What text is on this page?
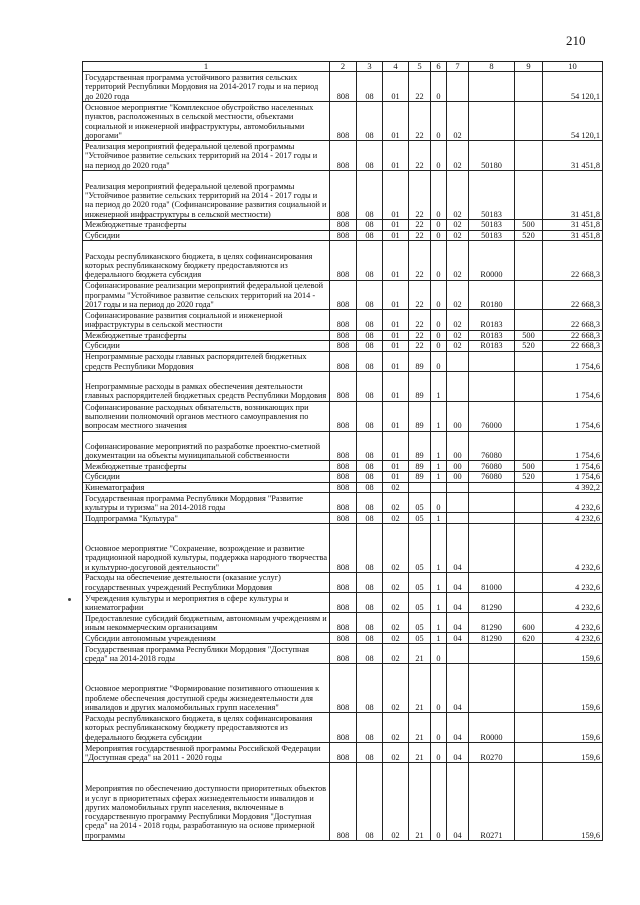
210
1	2	3	4	5	6	7	8	9	10
Государственная программа устойчивого развития сельских территорий Республики Мордовия на 2014-2017 годы и на период до 2020 года	808	08	01	22	0				54 120,1
Основное мероприятие "Комплексное обустройство населенных пунктов, расположенных в сельской местности, объектами социальной и инженерной инфраструктуры, автомобильными дорогами"	808	08	01	22	0	02			54 120,1
Реализация мероприятий федеральной целевой программы "Устойчивое развитие сельских территорий на 2014 - 2017 годы и на период до 2020 года"	808	08	01	22	0	02	50180		31 451,8
Реализация мероприятий федеральной целевой программы "Устойчивое развитие сельских территорий на 2014 - 2017 годы и на период до 2020 года" (Софинансирование развития социальной и инженерной инфраструктуры в сельской местности)	808	08	01	22	0	02	50183		31 451,8
Межбюджетные трансферты	808	08	01	22	0	02	50183	500	31 451,8
Субсидии	808	08	01	22	0	02	50183	520	31 451,8
Расходы республиканского бюджета, в целях софинансирования которых республиканскому бюджету предоставляются из федерального бюджета субсидия	808	08	01	22	0	02	R0000		22 668,3
Софинансирование реализации мероприятий федеральной целевой программы "Устойчивое развитие сельских территорий на 2014 - 2017 годы и на период до 2020 года"	808	08	01	22	0	02	R0180		22 668,3
Софинансирование развития социальной и инженерной инфраструктуры в сельской местности	808	08	01	22	0	02	R0183		22 668,3
Межбюджетные трансферты	808	08	01	22	0	02	R0183	500	22 668,3
Субсидии	808	08	01	22	0	02	R0183	520	22 668,3
Непрограммные расходы главных распорядителей бюджетных средств Республики Мордовия	808	08	01	89	0				1 754,6
Непрограммные расходы в рамках обеспечения деятельности главных распорядителей бюджетных средств Республики Мордовия	808	08	01	89	1				1 754,6
Софинансирование расходных обязательств, возникающих при выполнении полномочий органов местного самоуправления по вопросам местного значения	808	08	01	89	1	00	76000		1 754,6
Софинансирование мероприятий по разработке проектно-сметной документации на объекты муниципальной собственности	808	08	01	89	1	00	76080		1 754,6
Межбюджетные трансферты	808	08	01	89	1	00	76080	500	1 754,6
Субсидии	808	08	01	89	1	00	76080	520	1 754,6
Кинематография	808	08	02						4 392,2
Государственная программа Республики Мордовия "Развитие культуры и туризма" на 2014-2018 годы	808	08	02	05	0				4 232,6
Подпрограмма "Культура"	808	08	02	05	1				4 232,6
Основное мероприятие "Сохранение, возрождение и развитие традиционной народной культуры, поддержка народного творчества и культурно-досуговой деятельности"	808	08	02	05	1	04			4 232,6
Расходы на обеспечение деятельности (оказание услуг) государственных учреждений Республики Мордовия	808	08	02	05	1	04	81000		4 232,6
Учреждения культуры и мероприятия в сфере культуры и кинематографии	808	08	02	05	1	04	81290		4 232,6
Предоставление субсидий бюджетным, автономным учреждениям и иным некоммерческим организациям	808	08	02	05	1	04	81290	600	4 232,6
Субсидии автономным учреждениям	808	08	02	05	1	04	81290	620	4 232,6
Государственная программа Республики Мордовия "Доступная среда" на 2014-2018 годы	808	08	02	21	0				159,6
Основное мероприятие "Формирование позитивного отношения к проблеме обеспечения доступной среды жизнедеятельности для инвалидов и других маломобильных групп населения"	808	08	02	21	0	04			159,6
Расходы республиканского бюджета, в целях софинансирования которых республиканскому бюджету предоставляются из федерального бюджета субсидии	808	08	02	21	0	04	R0000		159,6
Мероприятия государственной программы Российской Федерации "Доступная среда" на 2011 - 2020 годы	808	08	02	21	0	04	R0270		159,6
Мероприятия по обеспечению доступности приоритетных объектов и услуг в приоритетных сферах жизнедеятельности инвалидов и других маломобильных групп населения, включенные в государственную программу Республики Мордовия "Доступная среда" на 2014 - 2018 годы, разработанную на основе примерной программы	808	08	02	21	0	04	R0271		159,6
